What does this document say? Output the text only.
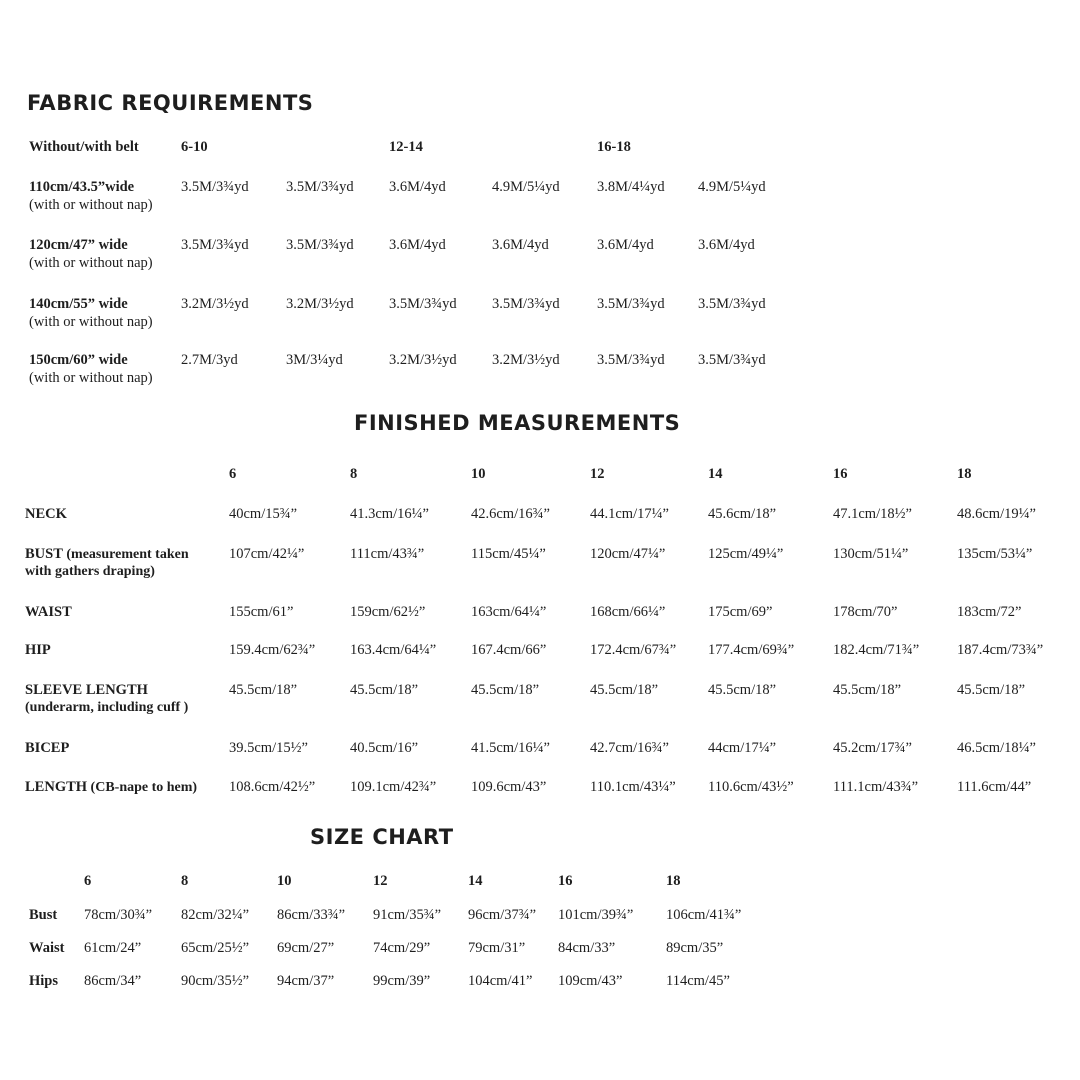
FABRIC REQUIREMENTS
Without/with belt	6-10	12-14	16-18
110cm/43.5”wide
(with or without nap)
3.5M/3¾yd	3.5M/3¾yd 3.6M/4yd	4.9M/5¼yd	3.8M/4¼yd 4.9M/5¼yd
120cm/47” wide
(with or without nap)
3.5M/3¾yd	3.5M/3¾yd 3.6M/4yd	3.6M/4yd	3.6M/4yd	3.6M/4yd
140cm/55” wide
(with or without nap)
3.2M/3½yd	3.2M/3½yd 3.5M/3¾yd 3.5M/3¾yd	3.5M/3¾yd 3.5M/3¾yd
150cm/60” wide
(with or without nap)
2.7M/3yd	3M/3¼yd	3.2M/3½yd 3.2M/3½yd	3.5M/3¾yd 3.5M/3¾yd
FINISHED MEASUREMENTS
6	8	10	12	14	16	18
NECK	40cm/15¾”	41.3cm/16¼”	42.6cm/16¾”	44.1cm/17¼”	45.6cm/18”	47.1cm/18½”	48.6cm/19¼”
BUST (measurement taken
with gathers draping)
107cm/42¼”	111cm/43¾”	115cm/45¼”	120cm/47¼”	125cm/49¼”	130cm/51¼”	135cm/53¼”
WAIST	155cm/61”	159cm/62½”	163cm/64¼”	168cm/66¼”	175cm/69”	178cm/70”	183cm/72”
HIP	159.4cm/62¾” 163.4cm/64¼” 167.4cm/66”	172.4cm/67¾” 177.4cm/69¾”	182.4cm/71¾”	187.4cm/73¾”
SLEEVE LENGTH
(underarm, including cuff )
45.5cm/18”	45.5cm/18”	45.5cm/18”	45.5cm/18”	45.5cm/18”	45.5cm/18”	45.5cm/18”
BICEP	39.5cm/15½”	40.5cm/16”	41.5cm/16¼”	42.7cm/16¾”	44cm/17¼”	45.2cm/17¾”	46.5cm/18¼”
LENGTH (CB-nape to hem) 108.6cm/42½” 109.1cm/42¾” 109.6cm/43”	110.1cm/43¼” 110.6cm/43½”	111.1cm/43¾”	111.6cm/44”
SIZE CHART
6	8	10	12	14	16	18
Bust 78cm/30¾” 82cm/32¼” 86cm/33¾” 91cm/35¾” 96cm/37¾” 101cm/39¾” 106cm/41¾”
Waist 61cm/24”	65cm/25½” 69cm/27”	74cm/29”	79cm/31” 84cm/33”	89cm/35”
Hips 86cm/34”	90cm/35½” 94cm/37”	99cm/39”	104cm/41” 109cm/43”	114cm/45”
